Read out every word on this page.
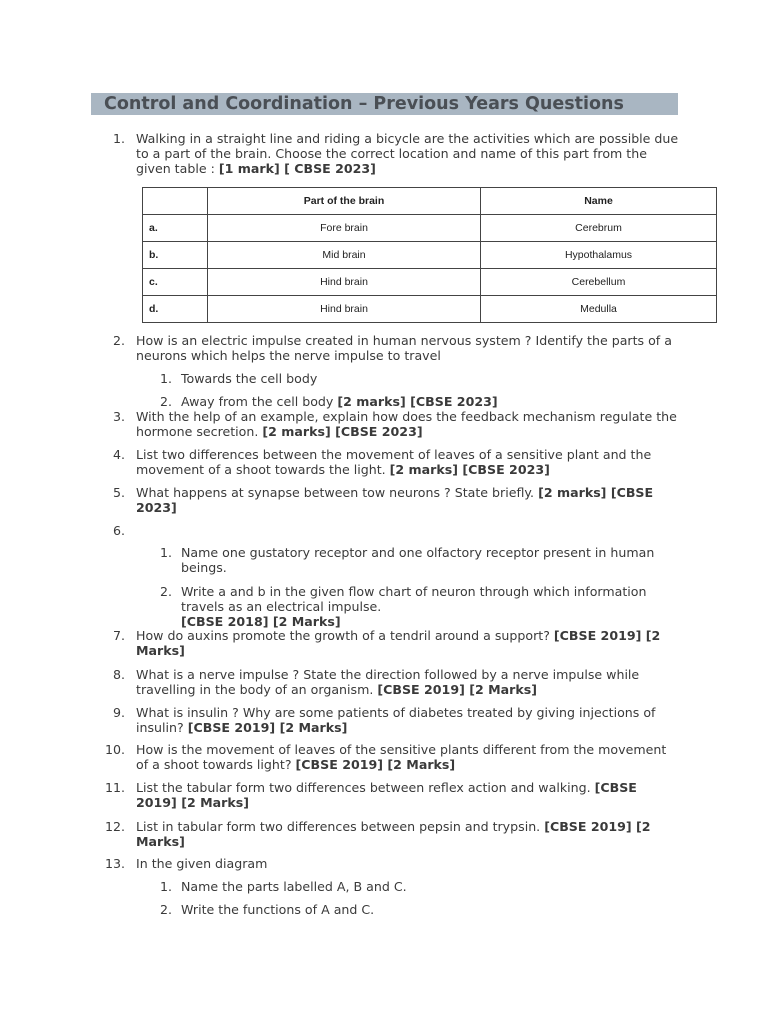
Control and Coordination – Previous Years Questions
1. Walking in a straight line and riding a bicycle are the activities which are possible due to a part of the brain. Choose the correct location and name of this part from the given table : [1 mark] [ CBSE 2023]
	Part of the brain	Name
a.	Fore brain	Cerebrum
b.	Mid brain	Hypothalamus
c.	Hind brain	Cerebellum
d.	Hind brain	Medulla
2. How is an electric impulse created in human nervous system ? Identify the parts of a neurons which helps the nerve impulse to travel
1. Towards the cell body
2. Away from the cell body [2 marks] [CBSE 2023]
3. With the help of an example, explain how does the feedback mechanism regulate the hormone secretion. [2 marks] [CBSE 2023]
4. List two differences between the movement of leaves of a sensitive plant and the movement of a shoot towards the light. [2 marks] [CBSE 2023]
5. What happens at synapse between tow neurons ? State briefly. [2 marks] [CBSE 2023]
6.
1. Name one gustatory receptor and one olfactory receptor present in human beings.
2. Write a and b in the given flow chart of neuron through which information travels as an electrical impulse.
[CBSE 2018] [2 Marks]
7. How do auxins promote the growth of a tendril around a support? [CBSE 2019] [2 Marks]
8. What is a nerve impulse ? State the direction followed by a nerve impulse while travelling in the body of an organism. [CBSE 2019] [2 Marks]
9. What is insulin ? Why are some patients of diabetes treated by giving injections of insulin? [CBSE 2019] [2 Marks]
10. How is the movement of leaves of the sensitive plants different from the movement of a shoot towards light? [CBSE 2019] [2 Marks]
11. List the tabular form two differences between reflex action and walking. [CBSE 2019] [2 Marks]
12. List in tabular form two differences between pepsin and trypsin. [CBSE 2019] [2 Marks]
13. In the given diagram
1. Name the parts labelled A, B and C.
2. Write the functions of A and C.
